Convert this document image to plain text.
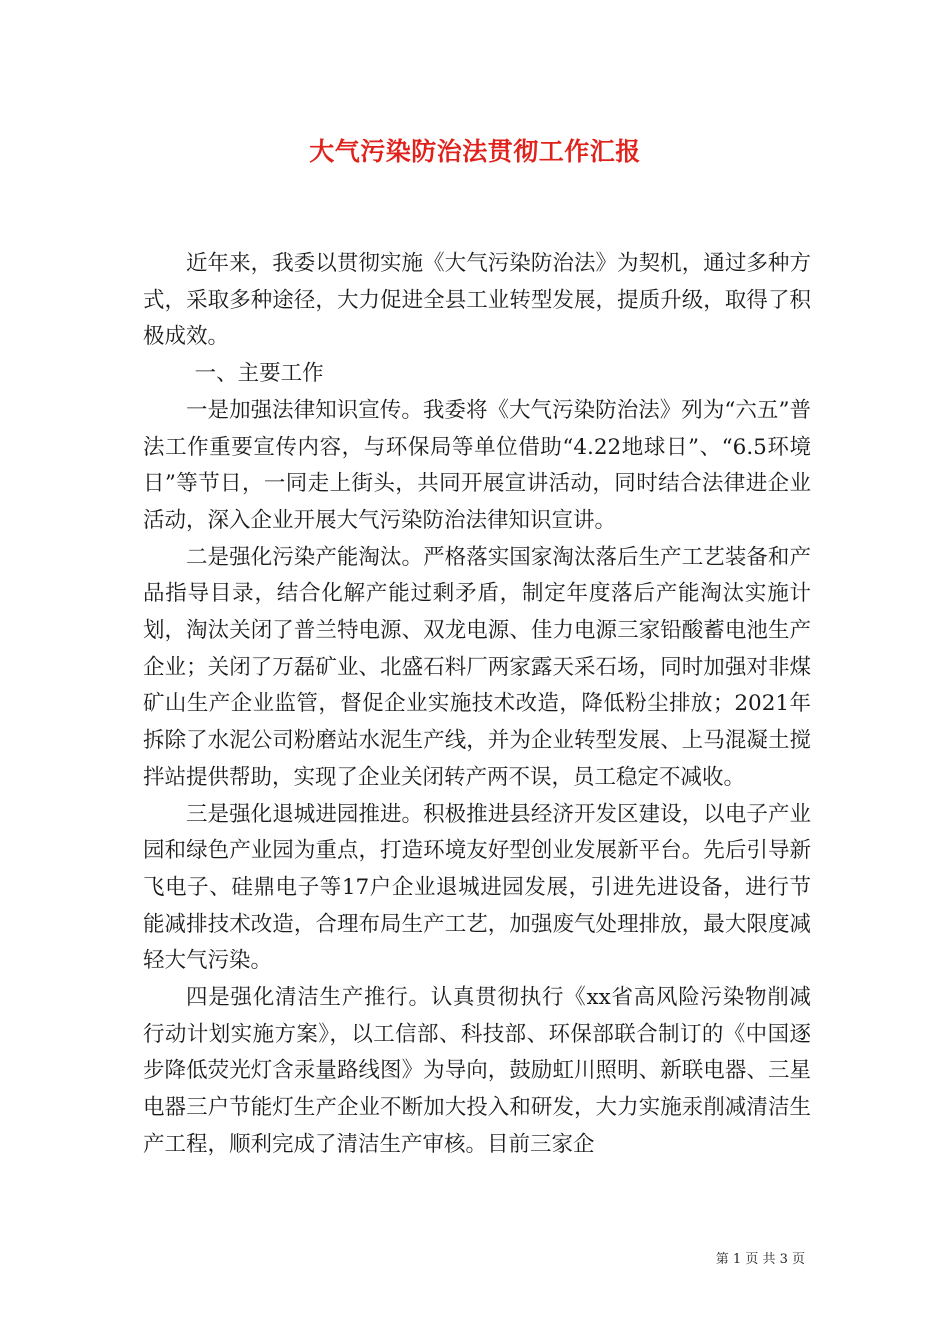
大气污染防治法贯彻工作汇报

近年来，我委以贯彻实施《大气污染防治法》为契机，通过多种方式，采取多种途径，大力促进全县工业转型发展，提质升级，取得了积极成效。

一、主要工作

一是加强法律知识宣传。我委将《大气污染防治法》列为“六五”普法工作重要宣传内容，与环保局等单位借助“4.22地球日”、“6.5环境日”等节日，一同走上街头，共同开展宣讲活动，同时结合法律进企业活动，深入企业开展大气污染防治法律知识宣讲。

二是强化污染产能淘汰。严格落实国家淘汰落后生产工艺装备和产品指导目录，结合化解产能过剩矛盾，制定年度落后产能淘汰实施计划，淘汰关闭了普兰特电源、双龙电源、佳力电源三家铅酸蓄电池生产企业；关闭了万磊矿业、北盛石料厂两家露天采石场，同时加强对非煤矿山生产企业监管，督促企业实施技术改造，降低粉尘排放；2021年拆除了水泥公司粉磨站水泥生产线，并为企业转型发展、上马混凝土搅拌站提供帮助，实现了企业关闭转产两不误，员工稳定不减收。

三是强化退城进园推进。积极推进县经济开发区建设，以电子产业园和绿色产业园为重点，打造环境友好型创业发展新平台。先后引导新飞电子、硅鼎电子等17户企业退城进园发展，引进先进设备，进行节能减排技术改造，合理布局生产工艺，加强废气处理排放，最大限度减轻大气污染。

四是强化清洁生产推行。认真贯彻执行《xx省高风险污染物削减行动计划实施方案》，以工信部、科技部、环保部联合制订的《中国逐步降低荧光灯含汞量路线图》为导向，鼓励虹川照明、新联电器、三星电器三户节能灯生产企业不断加大投入和研发，大力实施汞削减清洁生产工程，顺利完成了清洁生产审核。目前三家企

第 1 页 共 3 页
